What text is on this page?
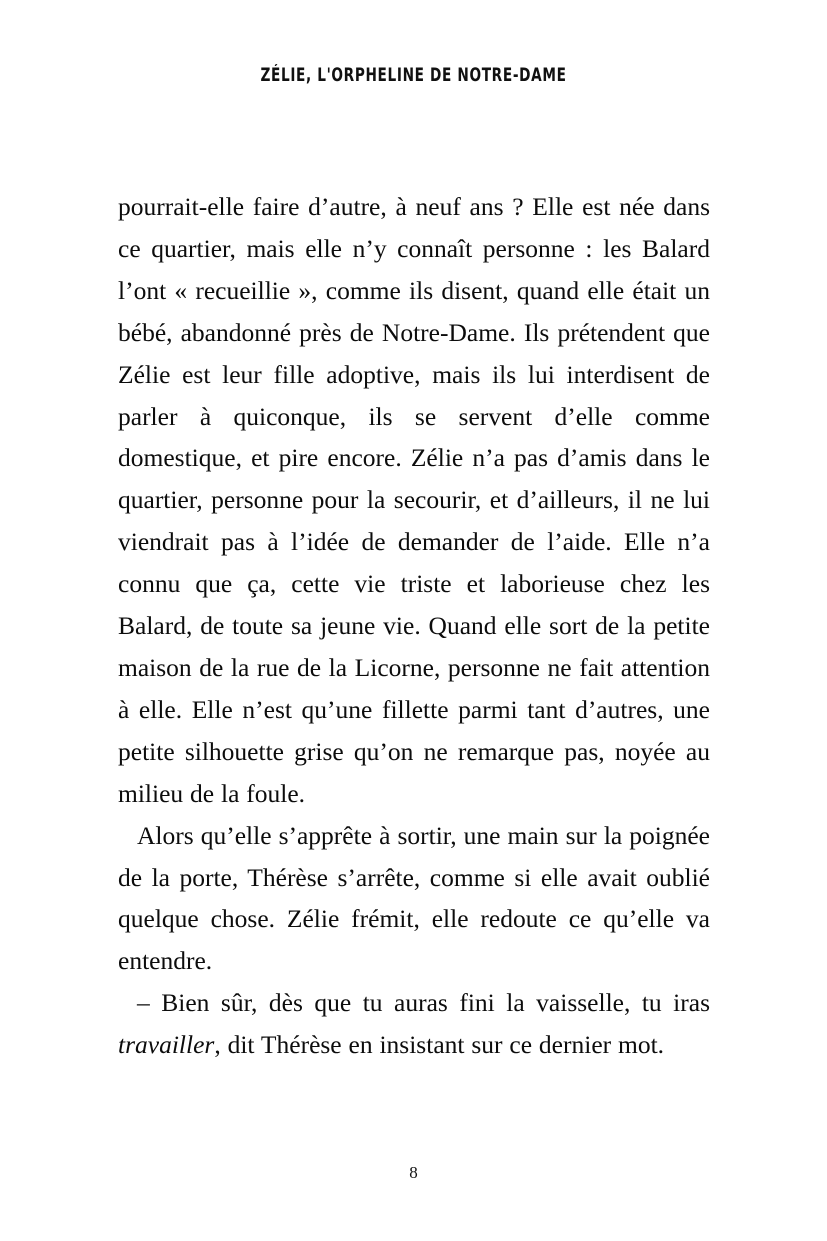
ZÉLIE, L'ORPHELINE DE NOTRE-DAME

pourrait-elle faire d’autre, à neuf ans ? Elle est née dans ce quartier, mais elle n’y connaît personne : les Balard l’ont « recueillie », comme ils disent, quand elle était un bébé, abandonné près de Notre-Dame. Ils prétendent que Zélie est leur fille adoptive, mais ils lui interdisent de parler à quiconque, ils se servent d’elle comme domestique, et pire encore. Zélie n’a pas d’amis dans le quartier, personne pour la secourir, et d’ailleurs, il ne lui viendrait pas à l’idée de demander de l’aide. Elle n’a connu que ça, cette vie triste et laborieuse chez les Balard, de toute sa jeune vie. Quand elle sort de la petite maison de la rue de la Licorne, personne ne fait attention à elle. Elle n’est qu’une fillette parmi tant d’autres, une petite silhouette grise qu’on ne remarque pas, noyée au milieu de la foule.

Alors qu’elle s’apprête à sortir, une main sur la poignée de la porte, Thérèse s’arrête, comme si elle avait oublié quelque chose. Zélie frémit, elle redoute ce qu’elle va entendre.

– Bien sûr, dès que tu auras fini la vaisselle, tu iras travailler, dit Thérèse en insistant sur ce dernier mot.

8
